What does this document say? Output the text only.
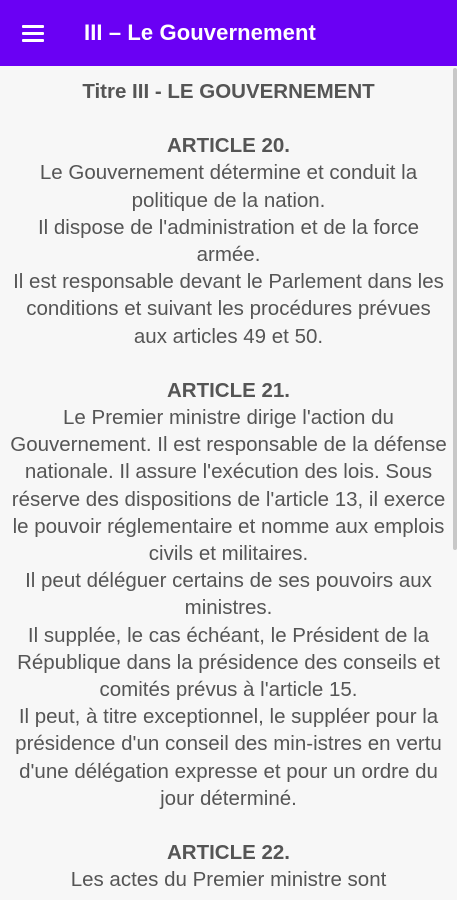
III – Le Gouvernement
Titre III - LE GOUVERNEMENT
ARTICLE 20.
Le Gouvernement détermine et conduit la politique de la nation.
Il dispose de l'administration et de la force armée.
Il est responsable devant le Parlement dans les conditions et suivant les procédures prévues aux articles 49 et 50.
ARTICLE 21.
Le Premier ministre dirige l'action du Gouvernement. Il est responsable de la défense nationale. Il assure l'exécution des lois. Sous réserve des dispositions de l'article 13, il exerce le pouvoir réglementaire et nomme aux emplois civils et militaires.
Il peut déléguer certains de ses pouvoirs aux ministres.
Il supplée, le cas échéant, le Président de la République dans la présidence des conseils et comités prévus à l'article 15.
Il peut, à titre exceptionnel, le suppléer pour la présidence d'un conseil des min-istres en vertu d'une délégation expresse et pour un ordre du jour déterminé.
ARTICLE 22.
Les actes du Premier ministre sont
